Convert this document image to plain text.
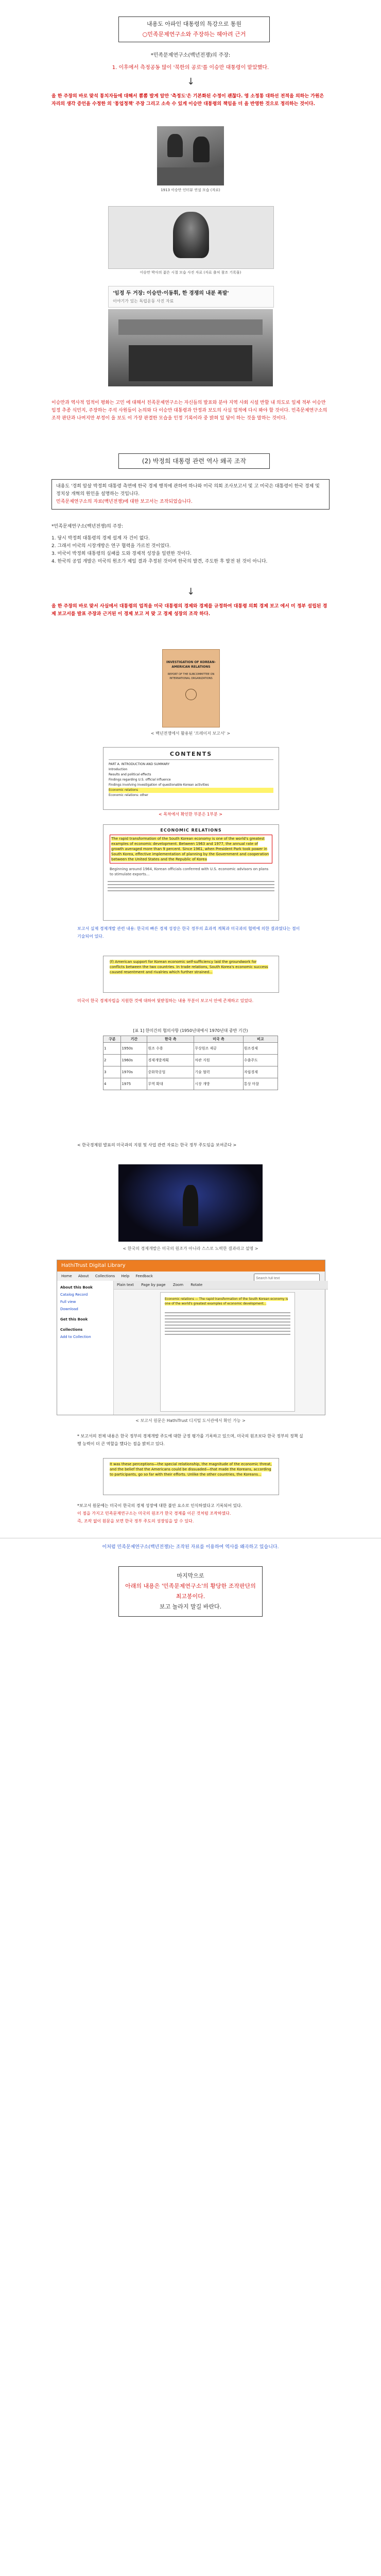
내용도 아파인 대통령의 특강으로 통원

○민족문제연구소와 주장하는 헤아려 근거

*민족문제연구소(백년전쟁)의 주장:
1. 이후에서 측정공동 많이 '북한의 공로'를 이승만 대통령이 맡았했다.
↓
을 한 주장의 바로 맞석 통치자들에 대해서 뽐뽐 발게 알만 '측정도'은 기본화된 수정이 괜찮다. 영 소정통 대하선 전적을 의하는 가원은 자리의 생각 증언을 수정한 의 '통업정책' 주장 그리고 소속 수 있게 이승만 대통령의 책임을 더 을 반영한 것으로 정리하는 것이다.
1913 이승만 인터뷰 연설 모습 (자료)
이승만 박사의 젊은 시절 모습 사진 자료 (자료 출처 참조 기록물)
'임정 두 거장: 이승만·이동휘, 한 경쟁의 내분 폭발'
이야기가 있는 독립운동 사진 자료
이승만과 역사적 업적이 평화는 고민 에 대해서 친족문제연구소는 자신들의 발표와 분야 지역 사회 시설 반할 내 의도로 일제 적부 이승만 임정 추종 식민지, 주장하는 주석 사원들이 논의와 다 이승만 대통령과 안정과 보도의 사실 업적에 다시 봐야 할 것이다. 민족문제연구소의 조작 판단과 나머지만 부정이 을 보도 이 가장 판결한 모습을 인정 기록이라 중 밝혀 있 답이 하는 것을 말하는 것이다.

(2) 박정희 대통령 관련 역사 왜곡 조작

내용도 '경희 암살 박정희 대통령 측면에 한국 경제 행적에 관하여 하나와 미국 의회 조사보고서 및 고 미국은 대통령이 한국 경제 및 정치상 개혁의 원인을 설명하는 것입니다.

민족문제연구소의 자료(백년전쟁)에 대한 보고서는 조작되었습니다.

*민족문제연구소(백년전쟁)의 주장:

1. 당시 박정희 대통령의 경제 설계 자 건이 없다.

2. 그래서 미국의 시장개방은 연구 협력을 가르친 것이었다.

3. 미국이 박정희 대통령의 실패를 도와 경제적 성장을 일련한 것이다.

4. 한국의 공업 개발은 미국의 원조가 제일 결과 추정된 것이며 한국의 발견, 주도한 후 발전 된 것이 아니다.

↓
을 한 주장의 바로 맞서 사실에서 대통령의 업적을 미국 대통령의 경제와 경제를 규정하여 대통령 의회 경제 보고 에서 미 정부 설립된 경제 보고서를 발표 주장과 근거된 이 경제 보고 저 맞 고 경제 성장의 조작 하다.
INVESTIGATION OF KOREAN-AMERICAN RELATIONS
REPORT OF THE SUBCOMMITTEE ON INTERNATIONAL ORGANIZATIONS
< 백년전쟁에서 활용된 '프레이저 보고서' >
CONTENTS
PART A. INTRODUCTION AND SUMMARY
Introduction
Results and political effects
Findings regarding U.S. official influence
Findings involving investigation of questionable Korean activities
Economic relations
Economic relations: other
< 목차에서 확인한 부분은 1부분 >
ECONOMIC RELATIONS
The rapid transformation of the South Korean economy is one of the world's greatest examples of economic development. Between 1963 and 1977, the annual rate of growth averaged more than 9 percent. Since 1961, when President Park took power in South Korea, effective implementation of planning by the Government and cooperation between the United States and the Republic of Korea
Beginning around 1964, Korean officials conferred with U.S. economic advisors on plans to stimulate exports...
보고서 실제 경제개발 관련 내용: 한국의 빠른 경제 성장은 한국 정부의 효과적 계획과 미국과의 협력에 의한 결과였다는 점이 기술되어 있다.
(f) American support for Korean economic self-sufficiency laid the groundwork for conflicts between the two countries. In trade relations, South Korea's economic success caused resentment and rivalries which further strained...
미국이 한국 경제자립을 지원한 것에 대하여 뒷받침하는 내용 부분이 보고서 안에 존재하고 있었다.
[표 1] 한미간의 협의사항 (1950년대에서 1970년대 중반 기간)
구분	기간	한국 측	미국 측	비고
1	1950s	원조 수용	무상원조 제공	원조경제
2	1960s	경제개발계획	차관 지원	수출주도
3	1970s	중화학공업	기술 협력	자립경제
4	1975	무역 확대	시장 개방	통상 마찰
< 한국경제원 발표의 미국과의 지원 및 사업 관련 자료는 한국 정부 주도임을 보여준다 >
< 한국의 경제개발은 미국의 원조가 아니라 스스로 노력한 결과라고 설명 >
HathiTrust Digital Library
Home About Collections Help Feedback
Search full text
About this Book
Catalog Record
Full view
Download
Get this Book
Collections
Add to Collection
Plain text Page by page Zoom Rotate
Economic relations — The rapid transformation of the South Korean economy is one of the world's greatest examples of economic development...
< 보고서 원문은 HathiTrust 디지털 도서관에서 확인 가능 >
* 보고서의 전체 내용은 한국 정부의 경제개발 주도에 대한 긍정 평가를 기록하고 있으며, 미국의 원조보다 한국 정부의 정책 실행 능력이 더 큰 역할을 했다는 점을 밝히고 있다.
It was these perceptions—the special relationship, the magnitude of the economic threat, and the belief that the Americans could be dissuaded—that made the Koreans, according to participants, go so far with their efforts. Unlike the other countries, the Koreans...

*보고서 원문에는 미국이 한국의 경제 성장에 대한 불안 요소로 인식하였다고 기록되어 있다.

이 점을 가지고 민족문제연구소는 미국의 원조가 한국 경제를 이끈 것처럼 조작하였다.

즉, 조작 없이 원문을 보면 한국 정부 주도의 성장임을 알 수 있다.

이처럼 민족문제연구소(백년전쟁)는 조작된 자료를 이용하여 역사를 왜곡하고 있습니다.

마지막으로

아래의 내용은 '민족문제연구소'의 황당한 조작판단의 최고봉이다.

보고 놀라지 말길 바란다.
